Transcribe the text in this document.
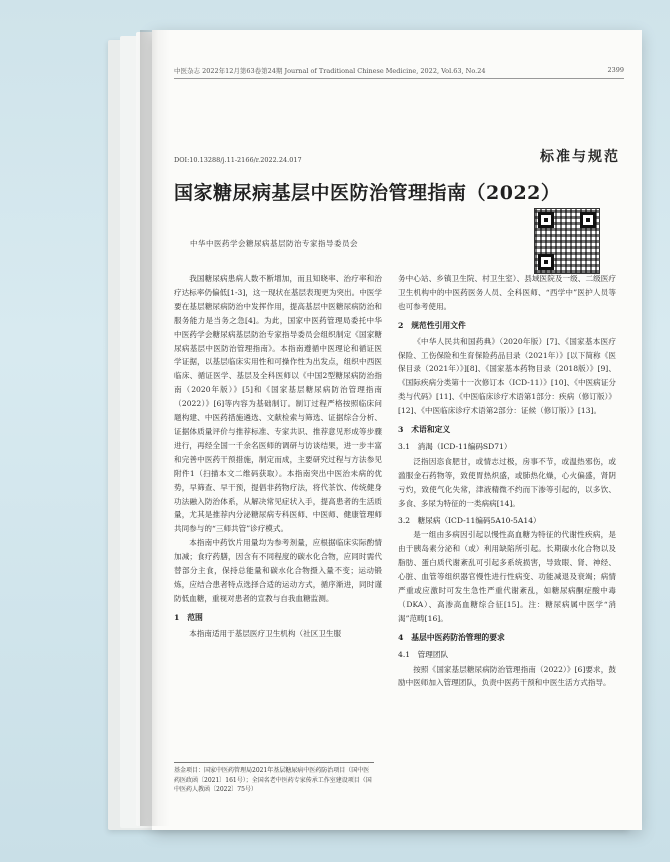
中医杂志 2022年12月第63卷第24期 Journal of Traditional Chinese Medicine, 2022, Vol.63, No.24	2399
DOI:10.13288/j.11-2166/r.2022.24.017	标准与规范
国家糖尿病基层中医防治管理指南（2022）
中华中医药学会糖尿病基层防治专家指导委员会

我国糖尿病患病人数不断增加，而且知晓率、治疗率和治疗达标率仍偏低[1-3]，这一现状在基层表现更为突出。中医学要在基层糖尿病防治中发挥作用，提高基层中医糖尿病防治和服务能力是当务之急[4]。为此，国家中医药管理局委托中华中医药学会糖尿病基层防治专家指导委员会组织制定《国家糖尿病基层中医防治管理指南》。本指南遵循中医理论和循证医学证据，以基层临床实用性和可操作性为出发点，组织中西医临床、循证医学、基层及全科医师以《中国2型糖尿病防治指南（2020年版）》[5]和《国家基层糖尿病防治管理指南（2022）》[6]等内容为基础制订。制订过程严格按照临床问题构建、中医药措施遴选、文献检索与筛选、证据综合分析、证据体质量评价与推荐标准、专家共识、推荐意见形成等步骤进行，再经全国一千余名医师的调研与访谈结果，进一步丰富和完善中医药干预措施，制定而成，主要研究过程与方法参见附件1（扫描本文二维码获取）。本指南突出中医治未病的优势，早筛查、早干预，提倡非药物疗法，将代茶饮、传统健身功法融入防治体系，从解决常见症状入手，提高患者的生活质量，尤其是推荐内分泌糖尿病专科医师、中医师、健康管理师共同参与的“三师共管”诊疗模式。

本指南中药饮片用量均为参考剂量，应根据临床实际酌情加减；食疗药膳，因含有不同程度的碳水化合物，应同时需代替部分主食，保持总能量和碳水化合物摄入量不变；运动锻炼，应结合患者特点选择合适的运动方式，循序渐进，同时谨防低血糖，重视对患者的宣教与自我血糖监测。

1　范围

本指南适用于基层医疗卫生机构（社区卫生服

基金项目：国家中医药管理局2021年基层糖尿病中医药防治项目（国中医药医政函〔2021〕161号）；全国名老中医药专家传承工作室建设项目（国中医药人教函〔2022〕75号）

务中心站、乡镇卫生院、村卫生室）、县域医院及一级、二级医疗卫生机构中的中医药医务人员、全科医师、“西学中”医护人员等也可参考使用。

2　规范性引用文件

《中华人民共和国药典》（2020年版）[7]、《国家基本医疗保险、工伤保险和生育保险药品目录（2021年）》[以下简称《医保目录（2021年）》][8]、《国家基本药物目录（2018版）》[9]、《国际疾病分类第十一次修订本（ICD-11）》[10]、《中医病证分类与代码》[11]、《中医临床诊疗术语第1部分：疾病（修订版）》[12]、《中医临床诊疗术语第2部分：证候（修订版）》[13]。

3　术语和定义
3.1　消渴（ICD-11编码SD71）

泛指因恣食肥甘，或情志过极，房事不节，或温热邪伤，或滥服金石药物等，致使胃热炽盛，或肺热化燥，心火偏盛，肾阴亏灼，致使气化失常，津液精微不约而下渗等引起的，以多饮、多食、多尿为特征的一类病病[14]。

3.2　糖尿病（ICD-11编码5A10-5A14）

是一组由多病因引起以慢性高血糖为特征的代谢性疾病，是由于胰岛素分泌和（或）利用缺陷所引起。长期碳水化合物以及脂肪、蛋白质代谢紊乱可引起多系统损害，导致眼、肾、神经、心脏、血管等组织器官慢性进行性病变、功能减退及衰竭；病情严重或应激时可发生急性严重代谢紊乱，如糖尿病酮症酸中毒（DKA）、高渗高血糖综合征[15]。注：糖尿病属中医学“消渴”范畴[16]。

4　基层中医药防治管理的要求
4.1　管理团队

按照《国家基层糖尿病防治管理指南（2022）》[6]要求，鼓励中医师加入管理团队，负责中医药干预和中医生活方式指导。
